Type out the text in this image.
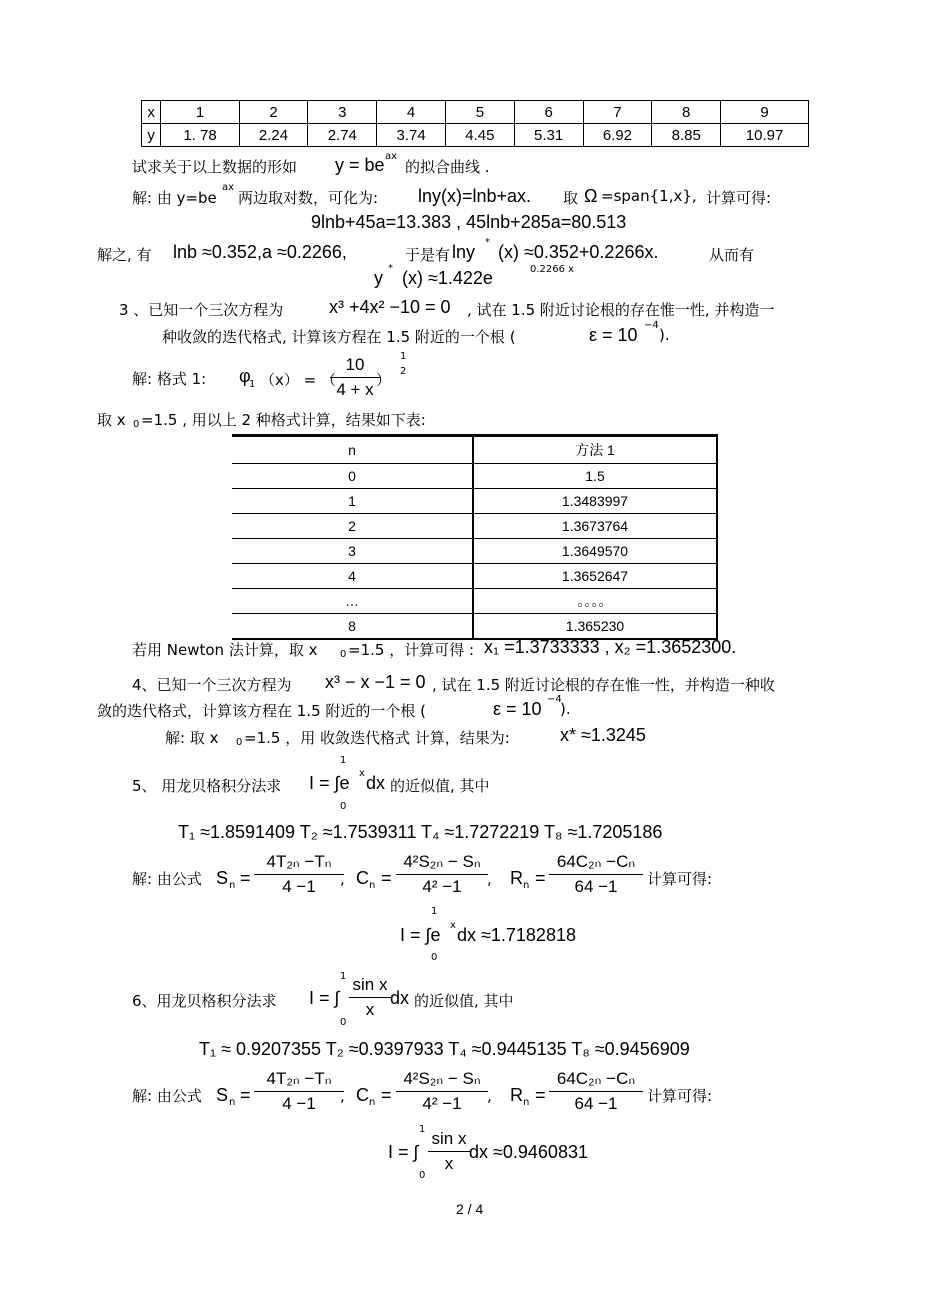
x	1	2	3	4	5	6	7	8	9
y	1. 78	2.24	2.74	3.74	4.45	5.31	6.92	8.85	10.97
试求关于以上数据的形如 y = be ax
的拟合曲线 .
解: 由 y=be
ax
两边取对数，可化为: lny(x)=lnb+ax. 取 Ω =span{1,x}, 计算可得:
9lnb+45a=13.383 , 45lnb+285a=80.513
解之, 有 lnb ≈0.352,a ≈0.2266,	于是有 lny * (x) ≈0.352+0.2266x.	从而有
y * (x) ≈1.422e	0.2266 x
3 、已知一个三次方程为	x³ +4x² −10 = 0 , 试在 1.5 附近讨论根的存在惟一性, 并构造一
种收敛的迭代格式, 计算该方程在 1.5 附近的一个根 (	ε = 10 −4
).
解: 格式 1: φ
1 （x） = （
10
4 + x ）
1
2
取 x 0 =1.5 , 用以上 2 种格式计算，结果如下表:
n	方法 1
0	1.5
1	1.3483997
2	1.3673764
3	1.3649570
4	1.3652647
…	。。。。
8	1.365230
若用 Newton 法计算，取 x 0 =1.5 ，计算可得 : x₁ =1.3733333 , x₂ =1.3652300.
4、已知一个三次方程为 x³ − x −1 = 0 , 试在 1.5 附近讨论根的存在惟一性，并构造一种收
敛的迭代格式，计算该方程在 1.5 附近的一个根 (	ε = 10 −4
).
解: 取 x 0 =1.5 ，用 收敛迭代格式 计算，结果为:	x* ≈1.3245
5、 用龙贝格积分法求
1
I = ∫e x dx
0
的近似值, 其中
T₁ ≈1.8591409 T₂ ≈1.7539311 T₄ ≈1.7272219 T₈ ≈1.7205186
解: 由公式 S n =
4T₂ₙ −Tₙ
4 −1	, C n =
4²S₂ₙ − Sₙ
4² −1	, R n =
64C₂ₙ −Cₙ
64 −1	计算可得:
1
I = ∫e x dx ≈1.7182818
0
6、用龙贝格积分法求
1
I = ∫
sin x
x
dx
0
的近似值, 其中
T₁ ≈ 0.9207355 T₂ ≈0.9397933 T₄ ≈0.9445135 T₈ ≈0.9456909
解: 由公式 S n =
4T₂ₙ −Tₙ
4 −1	, C n =
4²S₂ₙ − Sₙ
4² −1	, R n =
64C₂ₙ −Cₙ
64 −1	计算可得:
1
I = ∫
sin x
x
dx ≈0.9460831
0
2 / 4
